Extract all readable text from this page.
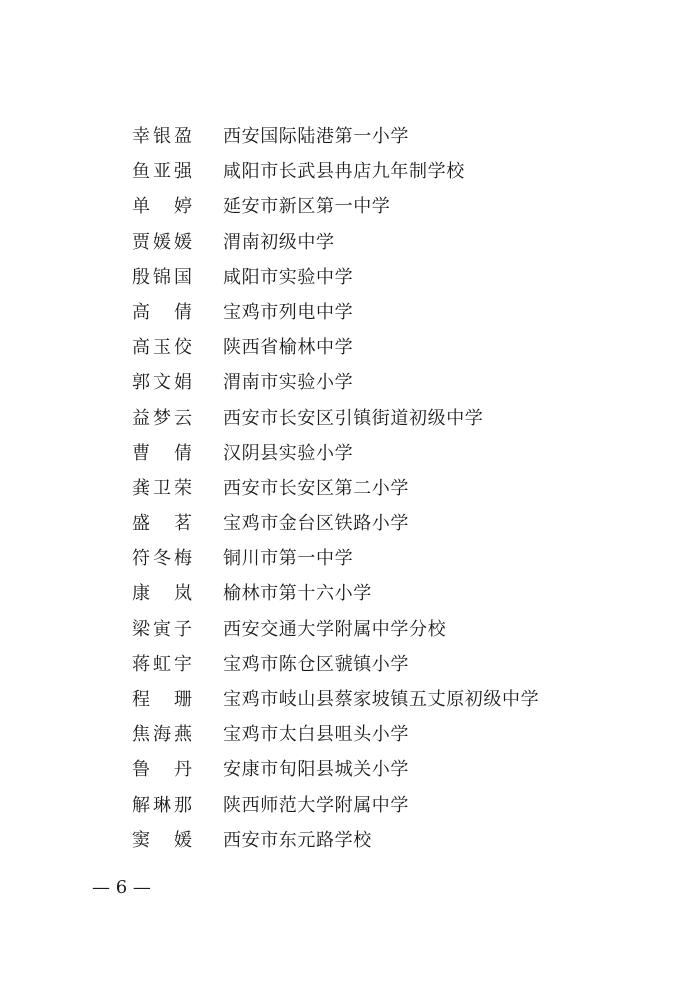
幸银盈 西安国际陆港第一小学
鱼亚强 咸阳市长武县冉店九年制学校
单婷 延安市新区第一中学
贾媛媛 渭南初级中学
殷锦国 咸阳市实验中学
高倩 宝鸡市列电中学
高玉佼 陕西省榆林中学
郭文娟 渭南市实验小学
益梦云 西安市长安区引镇街道初级中学
曹倩 汉阴县实验小学
龚卫荣 西安市长安区第二小学
盛茗 宝鸡市金台区铁路小学
符冬梅 铜川市第一中学
康岚 榆林市第十六小学
梁寅子 西安交通大学附属中学分校
蒋虹宇 宝鸡市陈仓区虢镇小学
程珊 宝鸡市岐山县蔡家坡镇五丈原初级中学
焦海燕 宝鸡市太白县咀头小学
鲁丹 安康市旬阳县城关小学
解琳那 陕西师范大学附属中学
窦媛 西安市东元路学校
— 6 —
